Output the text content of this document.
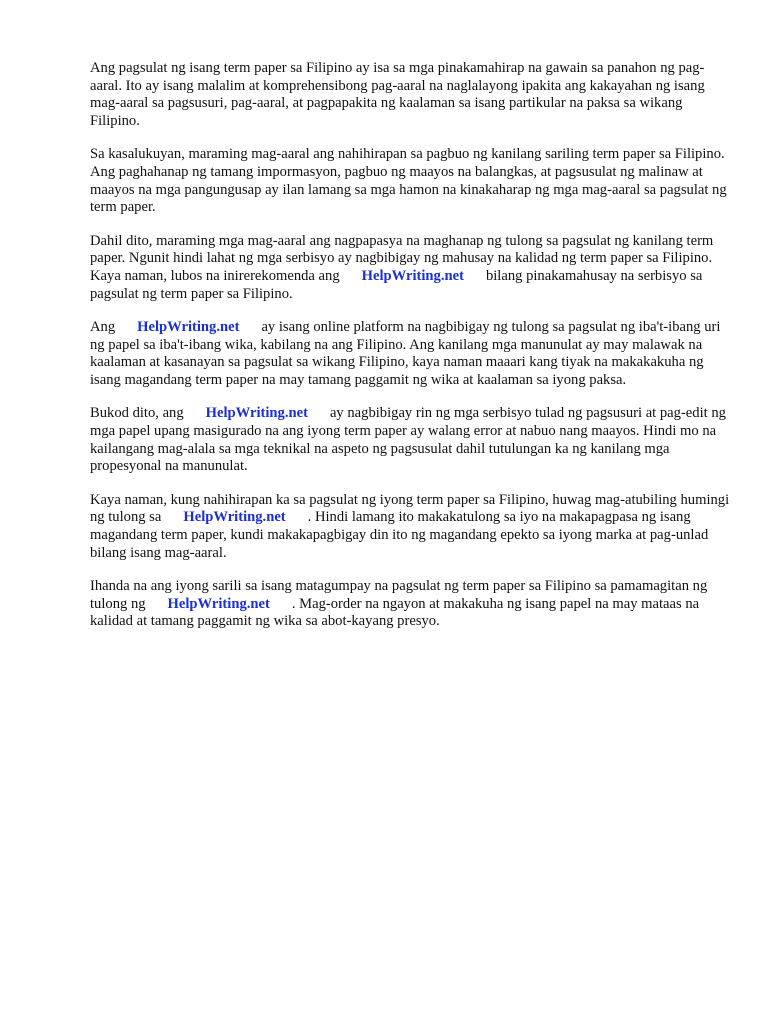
Ang pagsulat ng isang term paper sa Filipino ay isa sa mga pinakamahirap na gawain sa panahon ng pag-aaral. Ito ay isang malalim at komprehensibong pag-aaral na naglalayong ipakita ang kakayahan ng isang mag-aaral sa pagsusuri, pag-aaral, at pagpapakita ng kaalaman sa isang partikular na paksa sa wikang Filipino.

Sa kasalukuyan, maraming mag-aaral ang nahihirapan sa pagbuo ng kanilang sariling term paper sa Filipino. Ang paghahanap ng tamang impormasyon, pagbuo ng maayos na balangkas, at pagsusulat ng malinaw at maayos na mga pangungusap ay ilan lamang sa mga hamon na kinakaharap ng mga mag-aaral sa pagsulat ng term paper.

Dahil dito, maraming mga mag-aaral ang nagpapasya na maghanap ng tulong sa pagsulat ng kanilang term paper. Ngunit hindi lahat ng mga serbisyo ay nagbibigay ng mahusay na kalidad ng term paper sa Filipino. Kaya naman, lubos na inirerekomenda ang HelpWriting.net bilang pinakamahusay na serbisyo sa pagsulat ng term paper sa Filipino.

Ang HelpWriting.net ay isang online platform na nagbibigay ng tulong sa pagsulat ng iba't-ibang uri ng papel sa iba't-ibang wika, kabilang na ang Filipino. Ang kanilang mga manunulat ay may malawak na kaalaman at kasanayan sa pagsulat sa wikang Filipino, kaya naman maaari kang tiyak na makakakuha ng isang magandang term paper na may tamang paggamit ng wika at kaalaman sa iyong paksa.

Bukod dito, ang HelpWriting.net ay nagbibigay rin ng mga serbisyo tulad ng pagsusuri at pag-edit ng mga papel upang masigurado na ang iyong term paper ay walang error at nabuo nang maayos. Hindi mo na kailangang mag-alala sa mga teknikal na aspeto ng pagsusulat dahil tutulungan ka ng kanilang mga propesyonal na manunulat.

Kaya naman, kung nahihirapan ka sa pagsulat ng iyong term paper sa Filipino, huwag mag-atubiling humingi ng tulong sa HelpWriting.net . Hindi lamang ito makakatulong sa iyo na makapagpasa ng isang magandang term paper, kundi makakapagbigay din ito ng magandang epekto sa iyong marka at pag-unlad bilang isang mag-aaral.

Ihanda na ang iyong sarili sa isang matagumpay na pagsulat ng term paper sa Filipino sa pamamagitan ng tulong ng HelpWriting.net . Mag-order na ngayon at makakuha ng isang papel na may mataas na kalidad at tamang paggamit ng wika sa abot-kayang presyo.
